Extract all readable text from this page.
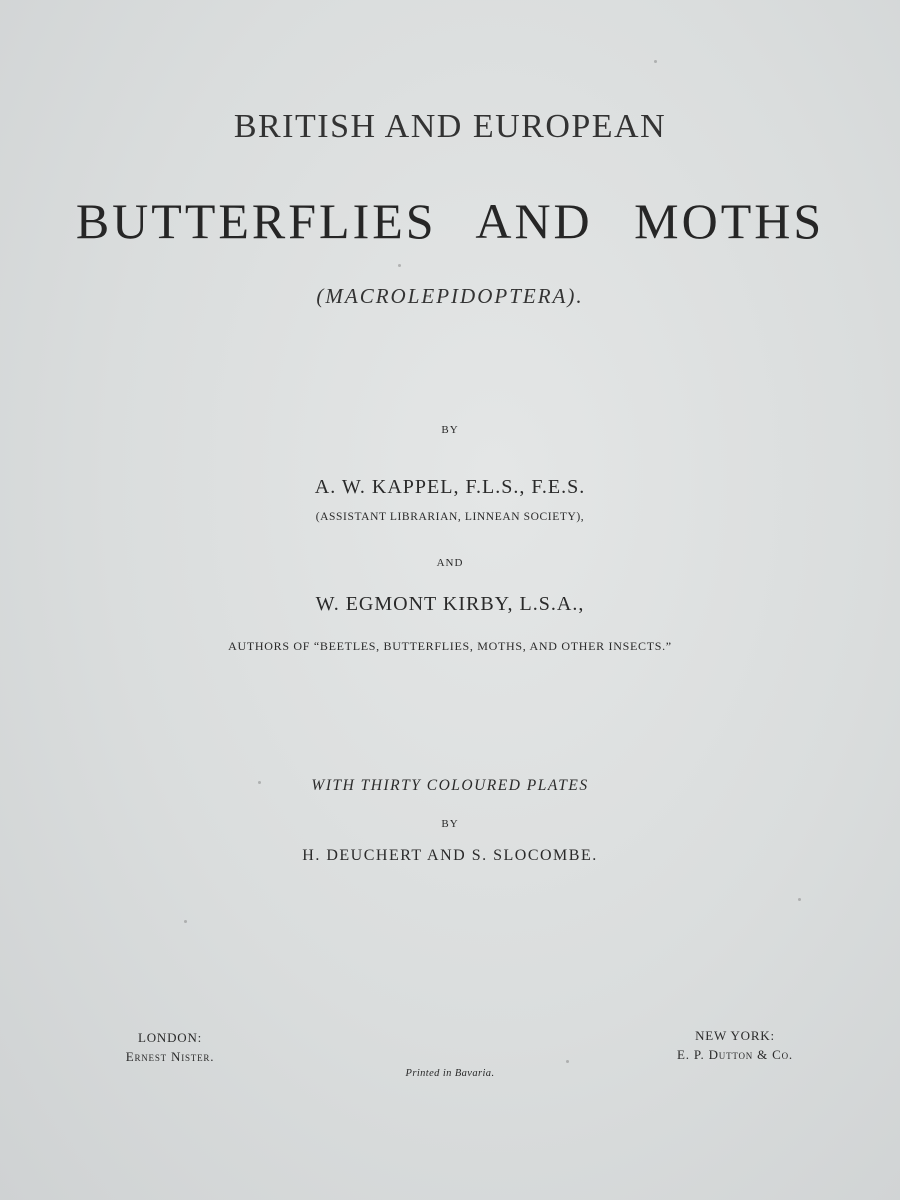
BRITISH AND EUROPEAN
BUTTERFLIES AND MOTHS
(MACROLEPIDOPTERA).
BY
A. W. KAPPEL, F.L.S., F.E.S.
(ASSISTANT LIBRARIAN, LINNEAN SOCIETY),
AND
W. EGMONT KIRBY, L.S.A.,
AUTHORS OF “BEETLES, BUTTERFLIES, MOTHS, AND OTHER INSECTS.”
WITH THIRTY COLOURED PLATES
BY
H. DEUCHERT AND S. SLOCOMBE.
LONDON:
Ernest Nister.
NEW YORK:
E. P. Dutton & Co.
Printed in Bavaria.
